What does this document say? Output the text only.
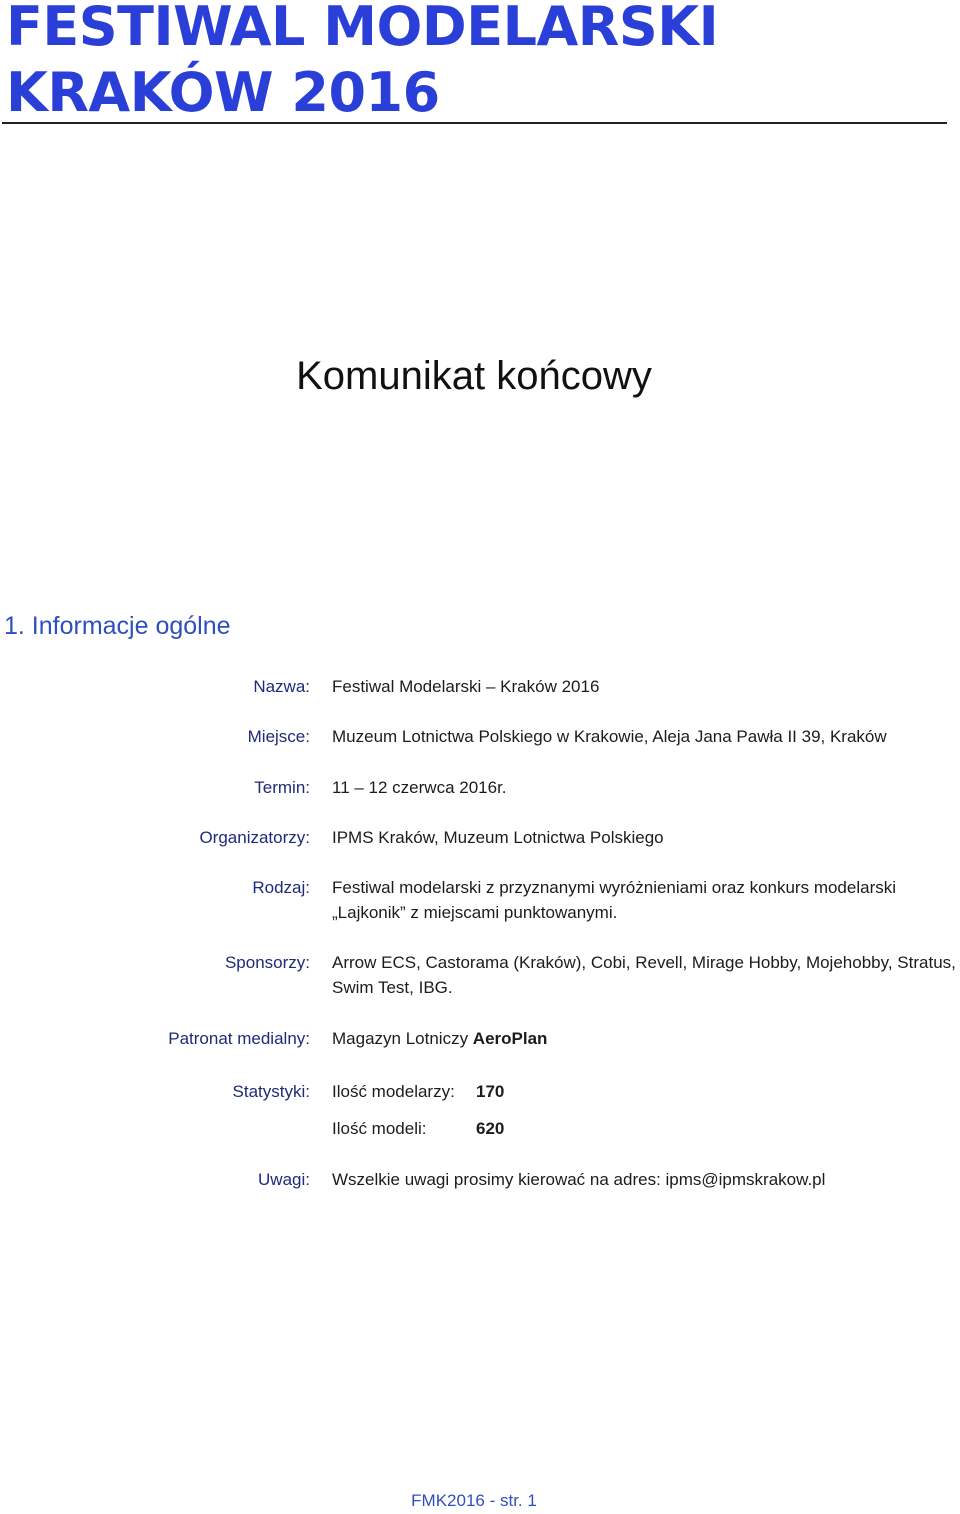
FESTIWAL MODELARSKI
KRAKÓW 2016
Komunikat końcowy
1. Informacje ogólne
Nazwa: Festiwal Modelarski – Kraków 2016
Miejsce: Muzeum Lotnictwa Polskiego w Krakowie, Aleja Jana Pawła II 39, Kraków
Termin: 11 – 12 czerwca 2016r.
Organizatorzy: IPMS Kraków, Muzeum Lotnictwa Polskiego
Rodzaj: Festiwal modelarski z przyznanymi wyróżnieniami oraz konkurs modelarski „Lajkonik” z miejscami punktowanymi.
Sponsorzy: Arrow ECS, Castorama (Kraków), Cobi, Revell, Mirage Hobby, Mojehobby, Stratus, Swim Test, IBG.
Patronat medialny: Magazyn Lotniczy AeroPlan
Statystyki: Ilość modelarzy: 170
Ilość modeli:	620
Uwagi: Wszelkie uwagi prosimy kierować na adres: ipms@ipmskrakow.pl
FMK2016 - str. 1
